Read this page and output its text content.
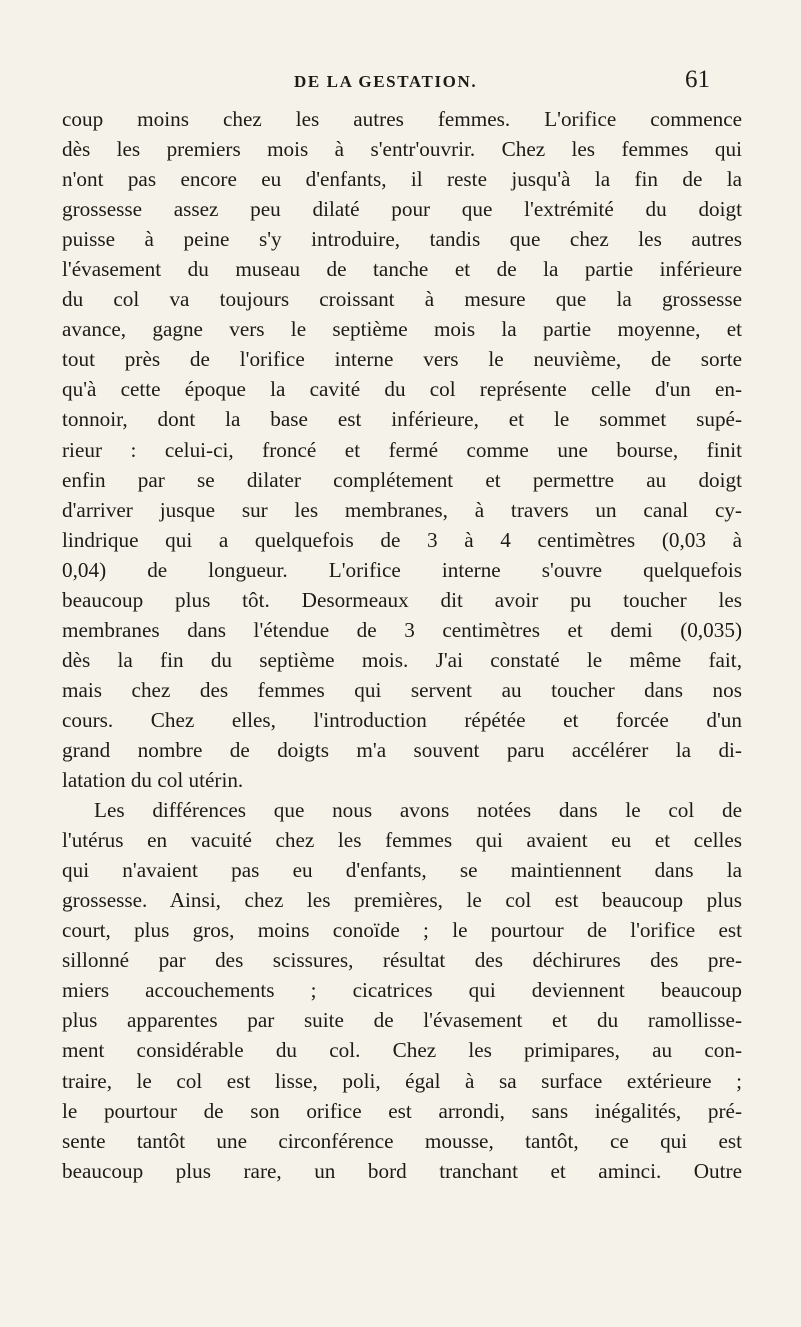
DE LA GESTATION.	61
coup moins chez les autres femmes. L'orifice commence
dès les premiers mois à s'entr'ouvrir. Chez les femmes qui
n'ont pas encore eu d'enfants, il reste jusqu'à la fin de la
grossesse assez peu dilaté pour que l'extrémité du doigt
puisse à peine s'y introduire, tandis que chez les autres
l'évasement du museau de tanche et de la partie inférieure
du col va toujours croissant à mesure que la grossesse
avance, gagne vers le septième mois la partie moyenne, et
tout près de l'orifice interne vers le neuvième, de sorte
qu'à cette époque la cavité du col représente celle d'un en-
tonnoir, dont la base est inférieure, et le sommet supé-
rieur : celui-ci, froncé et fermé comme une bourse, finit
enfin par se dilater complétement et permettre au doigt
d'arriver jusque sur les membranes, à travers un canal cy-
lindrique qui a quelquefois de 3 à 4 centimètres (0,03 à
0,04) de longueur. L'orifice interne s'ouvre quelquefois
beaucoup plus tôt. Desormeaux dit avoir pu toucher les
membranes dans l'étendue de 3 centimètres et demi (0,035)
dès la fin du septième mois. J'ai constaté le même fait,
mais chez des femmes qui servent au toucher dans nos
cours. Chez elles, l'introduction répétée et forcée d'un
grand nombre de doigts m'a souvent paru accélérer la di-
latation du col utérin.
Les différences que nous avons notées dans le col de
l'utérus en vacuité chez les femmes qui avaient eu et celles
qui n'avaient pas eu d'enfants, se maintiennent dans la
grossesse. Ainsi, chez les premières, le col est beaucoup plus
court, plus gros, moins conoïde ; le pourtour de l'orifice est
sillonné par des scissures, résultat des déchirures des pre-
miers accouchements ; cicatrices qui deviennent beaucoup
plus apparentes par suite de l'évasement et du ramollisse-
ment considérable du col. Chez les primipares, au con-
traire, le col est lisse, poli, égal à sa surface extérieure ;
le pourtour de son orifice est arrondi, sans inégalités, pré-
sente tantôt une circonférence mousse, tantôt, ce qui est
beaucoup plus rare, un bord tranchant et aminci. Outre
